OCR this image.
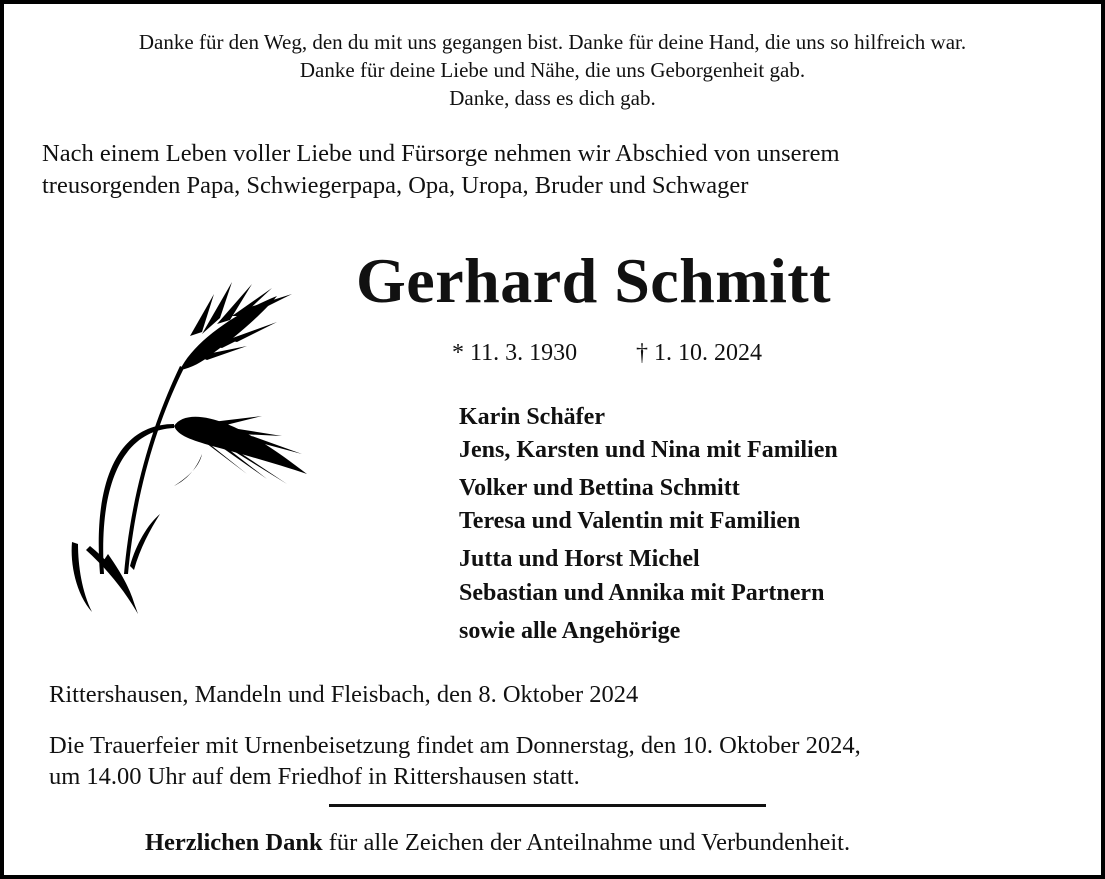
Danke für den Weg, den du mit uns gegangen bist. Danke für deine Hand, die uns so hilfreich war.
Danke für deine Liebe und Nähe, die uns Geborgenheit gab.
Danke, dass es dich gab.
Nach einem Leben voller Liebe und Fürsorge nehmen wir Abschied von unserem
treusorgenden Papa, Schwiegerpapa, Opa, Uropa, Bruder und Schwager
Gerhard Schmitt
* 11. 3. 1930 † 1. 10. 2024
Karin Schäfer
Jens, Karsten und Nina mit Familien
Volker und Bettina Schmitt
Teresa und Valentin mit Familien
Jutta und Horst Michel
Sebastian und Annika mit Partnern
sowie alle Angehörige
Rittershausen, Mandeln und Fleisbach, den 8. Oktober 2024
Die Trauerfeier mit Urnenbeisetzung findet am Donnerstag, den 10. Oktober 2024,
um 14.00 Uhr auf dem Friedhof in Rittershausen statt.
Herzlichen Dank für alle Zeichen der Anteilnahme und Verbundenheit.
